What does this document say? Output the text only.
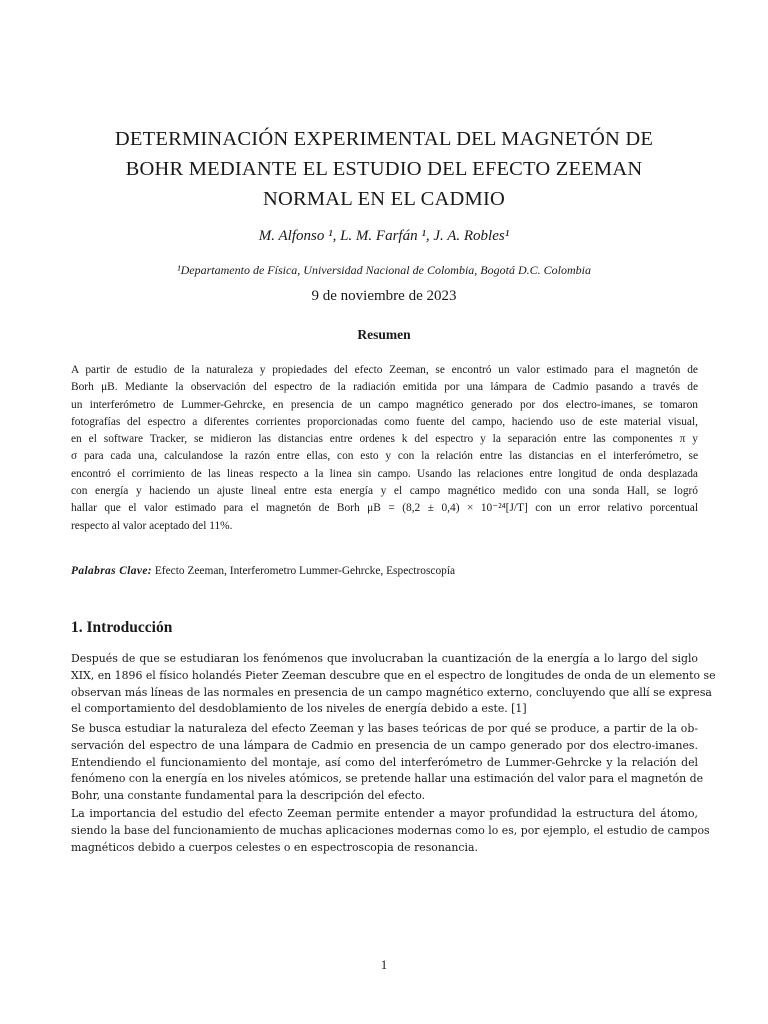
DETERMINACIÓN EXPERIMENTAL DEL MAGNETÓN DE
BOHR MEDIANTE EL ESTUDIO DEL EFECTO ZEEMAN
NORMAL EN EL CADMIO
M. Alfonso ¹, L. M. Farfán ¹, J. A. Robles¹
¹Departamento de Física, Universidad Nacional de Colombia, Bogotá D.C. Colombia
9 de noviembre de 2023
Resumen
A partir de estudio de la naturaleza y propiedades del efecto Zeeman, se encontró un valor estimado para el magnetón de
Borh μB. Mediante la observación del espectro de la radiación emitida por una lámpara de Cadmio pasando a través de
un interferómetro de Lummer-Gehrcke, en presencia de un campo magnético generado por dos electro-imanes, se tomaron
fotografías del espectro a diferentes corrientes proporcionadas como fuente del campo, haciendo uso de este material visual,
en el software Tracker, se midieron las distancias entre ordenes k del espectro y la separación entre las componentes π y
σ para cada una, calculandose la razón entre ellas, con esto y con la relación entre las distancias en el interferómetro, se
encontró el corrimiento de las lineas respecto a la linea sin campo. Usando las relaciones entre longitud de onda desplazada
con energía y haciendo un ajuste lineal entre esta energía y el campo magnético medido con una sonda Hall, se logró
hallar que el valor estimado para el magnetón de Borh μB = (8,2 ± 0,4) × 10⁻²⁴[J/T] con un error relativo porcentual
respecto al valor aceptado del 11%.
Palabras Clave: Efecto Zeeman, Interferometro Lummer-Gehrcke, Espectroscopía
1. Introducción
Después de que se estudiaran los fenómenos que involucraban la cuantización de la energía a lo largo del siglo
XIX, en 1896 el físico holandés Pieter Zeeman descubre que en el espectro de longitudes de onda de un elemento se
observan más líneas de las normales en presencia de un campo magnético externo, concluyendo que allí se expresa
el comportamiento del desdoblamiento de los niveles de energía debido a este. [1]
Se busca estudiar la naturaleza del efecto Zeeman y las bases teóricas de por qué se produce, a partir de la ob-
servación del espectro de una lámpara de Cadmio en presencia de un campo generado por dos electro-imanes.
Entendiendo el funcionamiento del montaje, así como del interferómetro de Lummer-Gehrcke y la relación del
fenómeno con la energía en los niveles atómicos, se pretende hallar una estimación del valor para el magnetón de
Bohr, una constante fundamental para la descripción del efecto.
La importancia del estudio del efecto Zeeman permite entender a mayor profundidad la estructura del átomo,
siendo la base del funcionamiento de muchas aplicaciones modernas como lo es, por ejemplo, el estudio de campos
magnéticos debido a cuerpos celestes o en espectroscopia de resonancia.
1
